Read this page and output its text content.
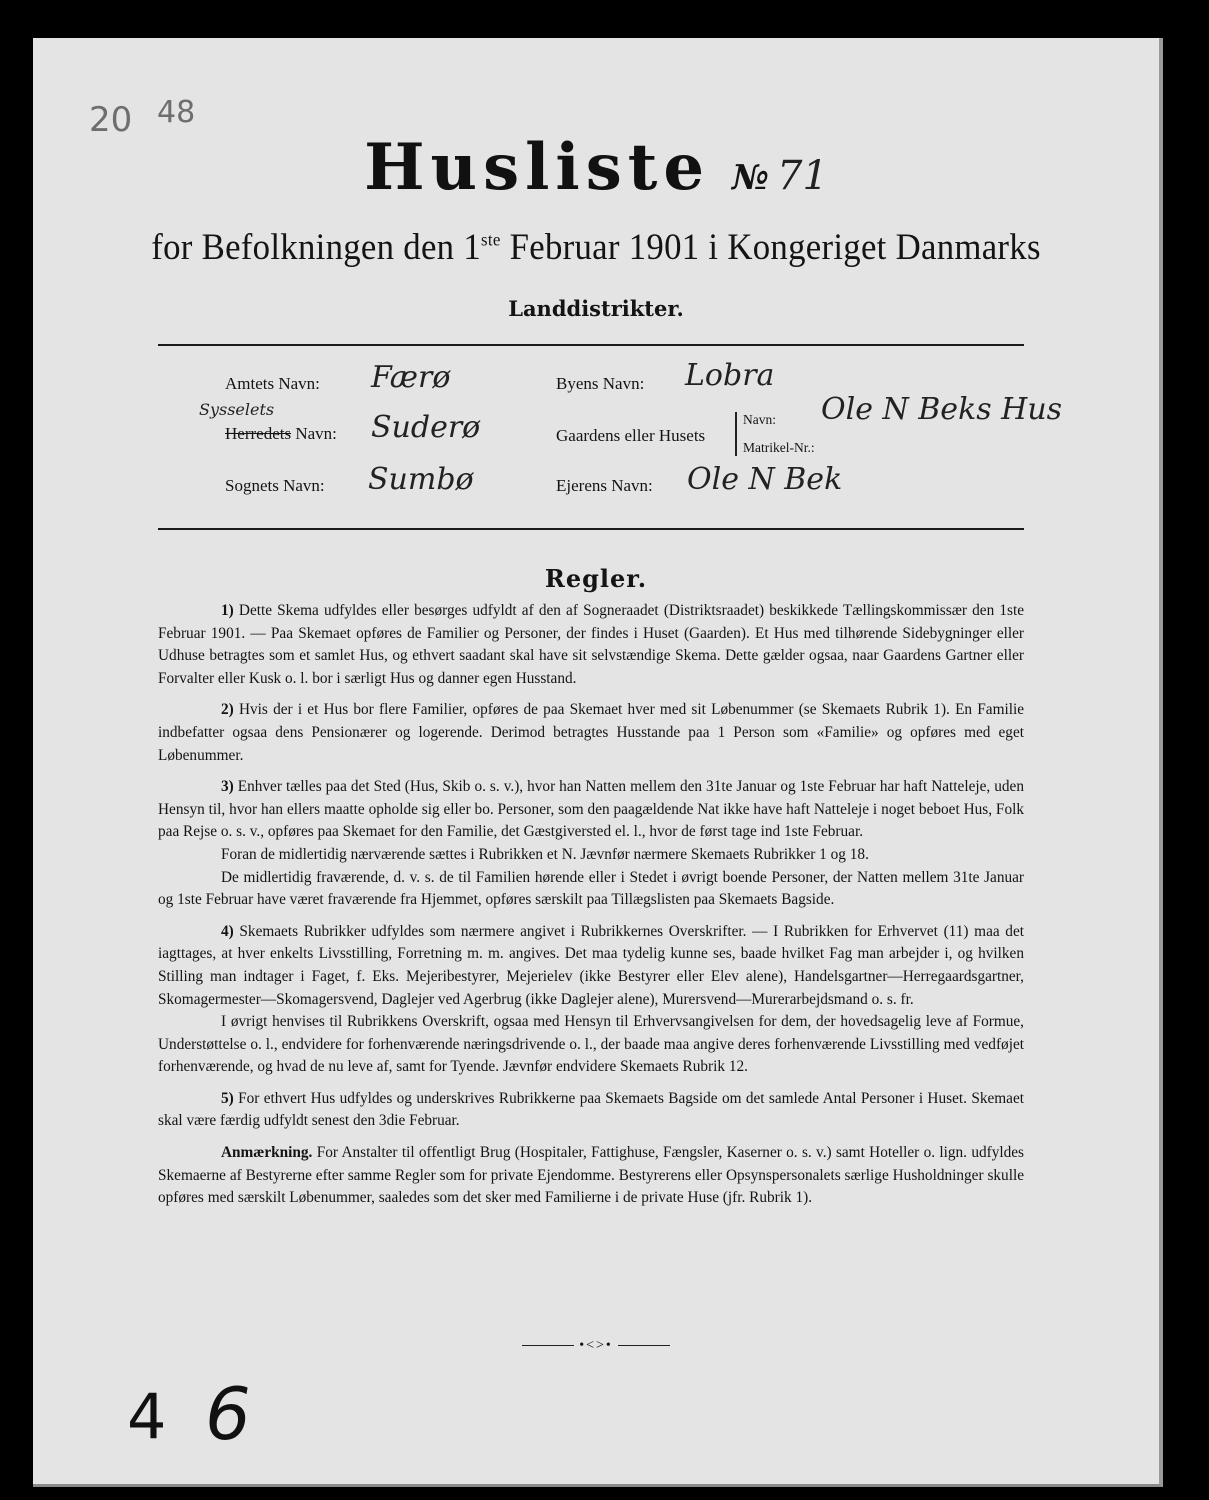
20 48
Husliste № 71
for Befolkningen den 1ste Februar 1901 i Kongeriget Danmarks
Landdistrikter.
Amtets Navn: Færø
Sysselets
Herredets Navn: Suderø
Sognets Navn: Sumbø
Byens Navn: Lobra
Gaardens eller Husets
Navn: Ole N Beks Hus
Matrikel-Nr.:
Ejerens Navn: Ole N Bek
Regler.

1) Dette Skema udfyldes eller besørges udfyldt af den af Sogneraadet (Distriktsraadet) beskikkede Tællingskommissær den 1ste Februar 1901. — Paa Skemaet opføres de Familier og Personer, der findes i Huset (Gaarden). Et Hus med tilhørende Sidebygninger eller Udhuse betragtes som et samlet Hus, og ethvert saadant skal have sit selvstændige Skema. Dette gælder ogsaa, naar Gaardens Gartner eller Forvalter eller Kusk o. l. bor i særligt Hus og danner egen Husstand.

2) Hvis der i et Hus bor flere Familier, opføres de paa Skemaet hver med sit Løbenummer (se Skemaets Rubrik 1). En Familie indbefatter ogsaa dens Pensionærer og logerende. Derimod betragtes Husstande paa 1 Person som «Familie» og opføres med eget Løbenummer.

3) Enhver tælles paa det Sted (Hus, Skib o. s. v.), hvor han Natten mellem den 31te Januar og 1ste Februar har haft Natteleje, uden Hensyn til, hvor han ellers maatte opholde sig eller bo. Personer, som den paagældende Nat ikke have haft Natteleje i noget beboet Hus, Folk paa Rejse o. s. v., opføres paa Skemaet for den Familie, det Gæstgiversted el. l., hvor de først tage ind 1ste Februar.

Foran de midlertidig nærværende sættes i Rubrikken et N. Jævnfør nærmere Skemaets Rubrikker 1 og 18.

De midlertidig fraværende, d. v. s. de til Familien hørende eller i Stedet i øvrigt boende Personer, der Natten mellem 31te Januar og 1ste Februar have været fraværende fra Hjemmet, opføres særskilt paa Tillægslisten paa Skemaets Bagside.

4) Skemaets Rubrikker udfyldes som nærmere angivet i Rubrikkernes Overskrifter. — I Rubrikken for Erhvervet (11) maa det iagttages, at hver enkelts Livsstilling, Forretning m. m. angives. Det maa tydelig kunne ses, baade hvilket Fag man arbejder i, og hvilken Stilling man indtager i Faget, f. Eks. Mejeribestyrer, Mejerielev (ikke Bestyrer eller Elev alene), Handelsgartner—Herregaardsgartner, Skomagermester—Skomagersvend, Daglejer ved Agerbrug (ikke Daglejer alene), Murersvend—Murerarbejdsmand o. s. fr.

I øvrigt henvises til Rubrikkens Overskrift, ogsaa med Hensyn til Erhvervsangivelsen for dem, der hovedsagelig leve af Formue, Understøttelse o. l., endvidere for forhenværende næringsdrivende o. l., der baade maa angive deres forhenværende Livsstilling med vedføjet forhenværende, og hvad de nu leve af, samt for Tyende. Jævnfør endvidere Skemaets Rubrik 12.

5) For ethvert Hus udfyldes og underskrives Rubrikkerne paa Skemaets Bagside om det samlede Antal Personer i Huset. Skemaet skal være færdig udfyldt senest den 3die Februar.

Anmærkning. For Anstalter til offentligt Brug (Hospitaler, Fattighuse, Fængsler, Kaserner o. s. v.) samt Hoteller o. lign. udfyldes Skemaerne af Bestyrerne efter samme Regler som for private Ejendomme. Bestyrerens eller Opsynspersonalets særlige Husholdninger skulle opføres med særskilt Løbenummer, saaledes som det sker med Familierne i de private Huse (jfr. Rubrik 1).

•<>•
4 6
